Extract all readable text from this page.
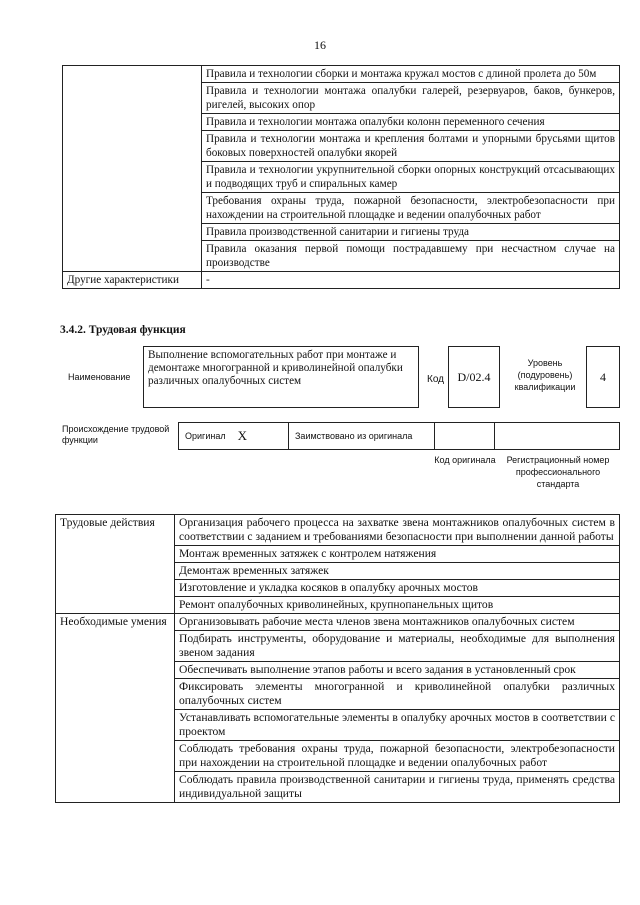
16
	Правила и технологии сборки и монтажа кружал мостов с длиной пролета до 50м
	Правила и технологии монтажа опалубки галерей, резервуаров, баков, бункеров, ригелей, высоких опор
	Правила и технологии монтажа опалубки колонн переменного сечения
	Правила и технологии монтажа и крепления болтами и упорными брусьями щитов боковых поверхностей опалубки якорей
	Правила и технологии укрупнительной сборки опорных конструкций отсасывающих и подводящих труб и спиральных камер
	Требования охраны труда, пожарной безопасности, электробезопасности при нахождении на строительной площадке и ведении опалубочных работ
	Правила производственной санитарии и гигиены труда
	Правила оказания первой помощи пострадавшему при несчастном случае на производстве
Другие характеристики	-
3.4.2. Трудовая функция
Наименование
Выполнение вспомогательных работ при монтаже и демонтаже многогранной и криволинейной опалубки различных опалубочных систем	Код	D/02.4
Уровень (подуровень) квалификации
4
Происхождение трудовой функции	Оригинал X	Заимствовано из оригинала
Код оригинала	Регистрационный номер профессионального стандарта
Трудовые действия	Организация рабочего процесса на захватке звена монтажников опалубочных систем в соответствии с заданием и требованиями безопасности при выполнении данной работы
	Монтаж временных затяжек с контролем натяжения
	Демонтаж временных затяжек
	Изготовление и укладка косяков в опалубку арочных мостов
	Ремонт опалубочных криволинейных, крупнопанельных щитов
Необходимые умения	Организовывать рабочие места членов звена монтажников опалубочных систем
	Подбирать инструменты, оборудование и материалы, необходимые для выполнения звеном задания
	Обеспечивать выполнение этапов работы и всего задания в установленный срок
	Фиксировать элементы многогранной и криволинейной опалубки различных опалубочных систем
	Устанавливать вспомогательные элементы в опалубку арочных мостов в соответствии с проектом
	Соблюдать требования охраны труда, пожарной безопасности, электробезопасности при нахождении на строительной площадке и ведении опалубочных работ
	Соблюдать правила производственной санитарии и гигиены труда, применять средства индивидуальной защиты
